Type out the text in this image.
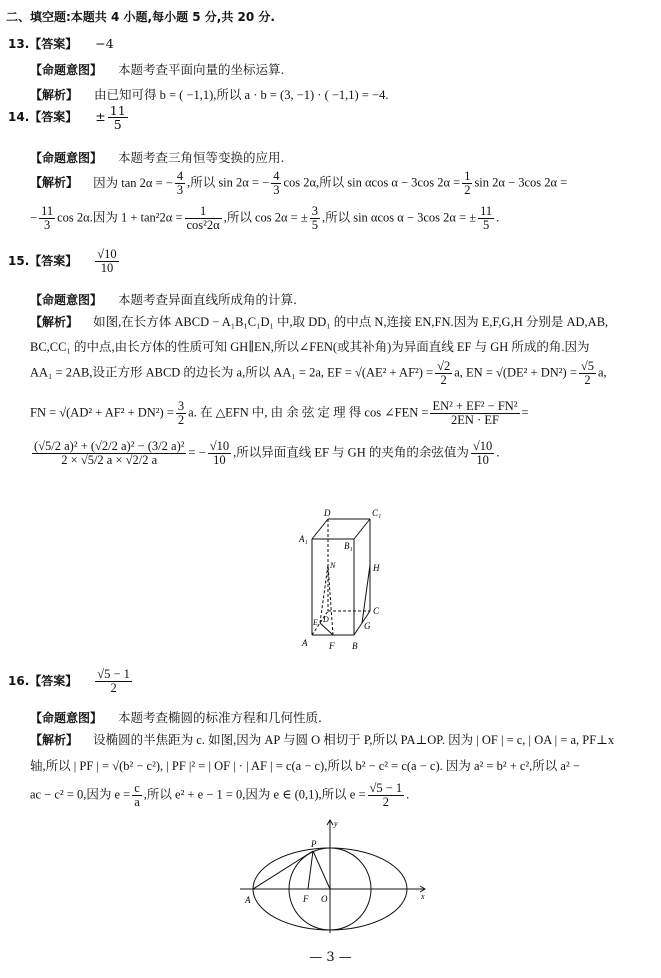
二、填空题:本题共 4 小题,每小题 5 分,共 20 分.
13.【答案】 −4
【命题意图】 本题考查平面向量的坐标运算.
【解析】 由已知可得 b = ( −1,1),所以 a · b = (3, −1) · ( −1,1) = −4.
14.【答案】 ± $\frac{11}{5}$
【命题意图】 本题考查三角恒等变换的应用.
【解析】 因为 tan 2α = − $\frac{4}{3}$ ,所以 sin 2α = − $\frac{4}{3}$ cos 2α,所以 sin αcos α − 3cos $2\alpha = \frac{1}{2}$ sin 2α − 3cos 2α =
− $\frac{11}{3}$ cos 2α.因为 $1 + \tan^22\alpha = \frac{1}{\text{cos²2α}}$ ,所以 cos 2α = ± $\frac{3}{5}$ ,所以 sin αcos α − 3cos 2α = ± $\frac{11}{5}$ .
15.【答案】 $\frac{√10}{10}$
【命题意图】 本题考查异面直线所成角的计算.
【解析】 如图,在长方体 ABCD − A₁B₁C₁D₁ 中,取 DD₁ 的中点 N,连接 EN,FN.因为 E,F,G,H 分别是 AD,AB,
BC,CC₁ 的中点,由长方体的性质可知 GH∥EN,所以∠FEN(或其补角)为异面直线 EF 与 GH 所成的角.因为
AA₁ = 2AB,设正方形 ABCD 的边长为 a,所以 AA₁ = 2a, EF = $√(AE^2 + AF^2) = \frac{√2}{2} a$, EN = $√(DE^2 + DN^2) = \frac{√5}{2} a$,
FN = $√(AD^2 + AF^2 + DN^2) = \frac{3}{2} a$. 在 △EFN 中, 由 余 弦 定 理 得 cos ∠FEN = $\frac{\text{EN² + EF² − FN²}}{2EN \cdot EF}$ =
$\frac{\text{(√5/2 a)² + (√2/2 a)² − (3/2 a)²}}{2 \times √5/2 a \times √2/2 a}$ = − $\frac{√10}{10}$ ,所以异面直线 EF 与 GH 的夹角的余弦值为 $\frac{√10}{10}$ .
D	C₁
A₁
B₁
N	H
C
G
D
E
A F B
16.【答案】 $\frac{√5 - 1}{2}$
【命题意图】 本题考查椭圆的标准方程和几何性质.
【解析】 设椭圆的半焦距为 c. 如图,因为 AP 与圆 O 相切于 P,所以 PA⊥OP. 因为 | OF | = c, | OA | = a, PF⊥x
轴,所以 | PF | = √(b² − c²), | PF |² = | OF | · | AF | = c(a − c),所以 b² − c² = c(a − c). 因为 a² = b² + c²,所以 a² −
ac − c² = 0,因为 $e = \frac{c}{a}$ ,所以 e² + e − 1 = 0,因为 e ∈ (0,1),所以 $e = \frac{√5 - 1}{2}$ .
y
P
A	F O	x
— 3 —
